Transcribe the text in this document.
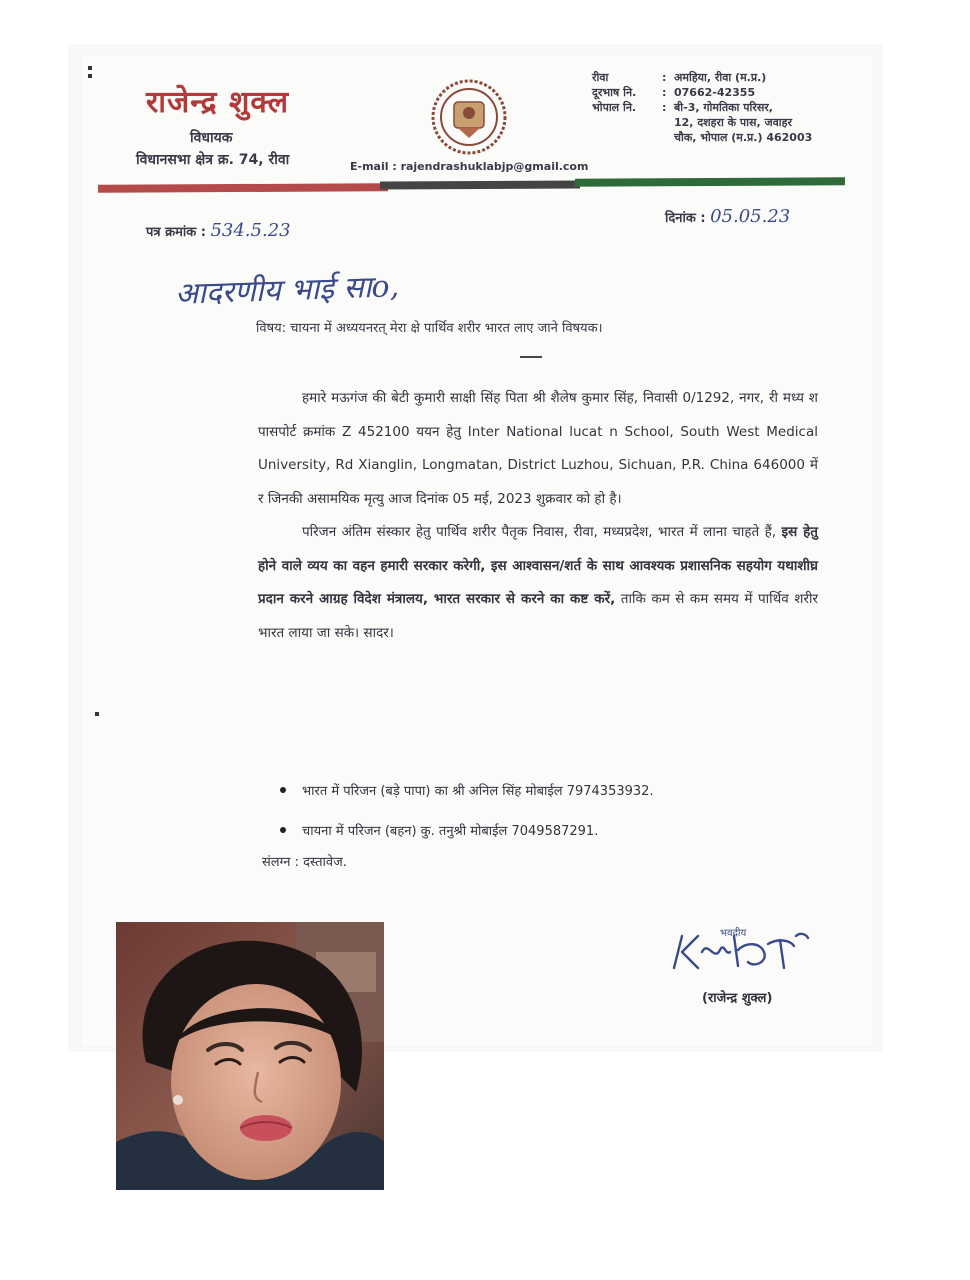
राजेन्द्र शुक्ल
विधायक
विधानसभा क्षेत्र क्र. 74, रीवा	E-mail : rajendrashuklabjp@gmail.com
रीवा	: अमहिया, रीवा (म.प्र.)
दूरभाष नि.	: 07662-42355
भोपाल नि.	: बी-3, गोमतिका परिसर,
12, दशहरा के पास, जवाहर
चौक, भोपाल (म.प्र.) 462003
पत्र क्रमांक : 534.5.23
दिनांक : 05.05.23
आदरणीय भाई साo,
विषय: चायना में अध्ययनरत् मेरा क्षे पार्थिव शरीर भारत लाए जाने विषयक।

हमारे मऊगंज की बेटी कुमारी साक्षी सिंह पिता श्री शैलेष कुमार सिंह, निवासी 0/1292, नगर, री मध्य श पासपोर्ट क्रमांक Z 452100 ययन हेतु Inter National lucat n School, South West Medical University, Rd Xianglin, Longmatan, District Luzhou, Sichuan, P.R. China 646000 में र जिनकी असामयिक मृत्यु आज दिनांक 05 मई, 2023 शुक्रवार को हो है।

परिजन अंतिम संस्कार हेतु पार्थिव शरीर पैतृक निवास, रीवा, मध्यप्रदेश, भारत में लाना चाहते हैं, इस हेतु होने वाले व्यय का वहन हमारी सरकार करेगी, इस आश्वासन/शर्त के साथ आवश्यक प्रशासनिक सहयोग यथाशीघ्र प्रदान करने आग्रह विदेश मंत्रालय, भारत सरकार से करने का कष्ट करें, ताकि कम से कम समय में पार्थिव शरीर भारत लाया जा सके। सादर।

भारत में परिजन (बड़े पापा) का श्री अनिल सिंह मोबाईल 7974353932.
चायना में परिजन (बहन) कु. तनुश्री मोबाईल 7049587291.
संलग्न : दस्तावेज.
भवदीय
(राजेन्द्र शुक्ल)
